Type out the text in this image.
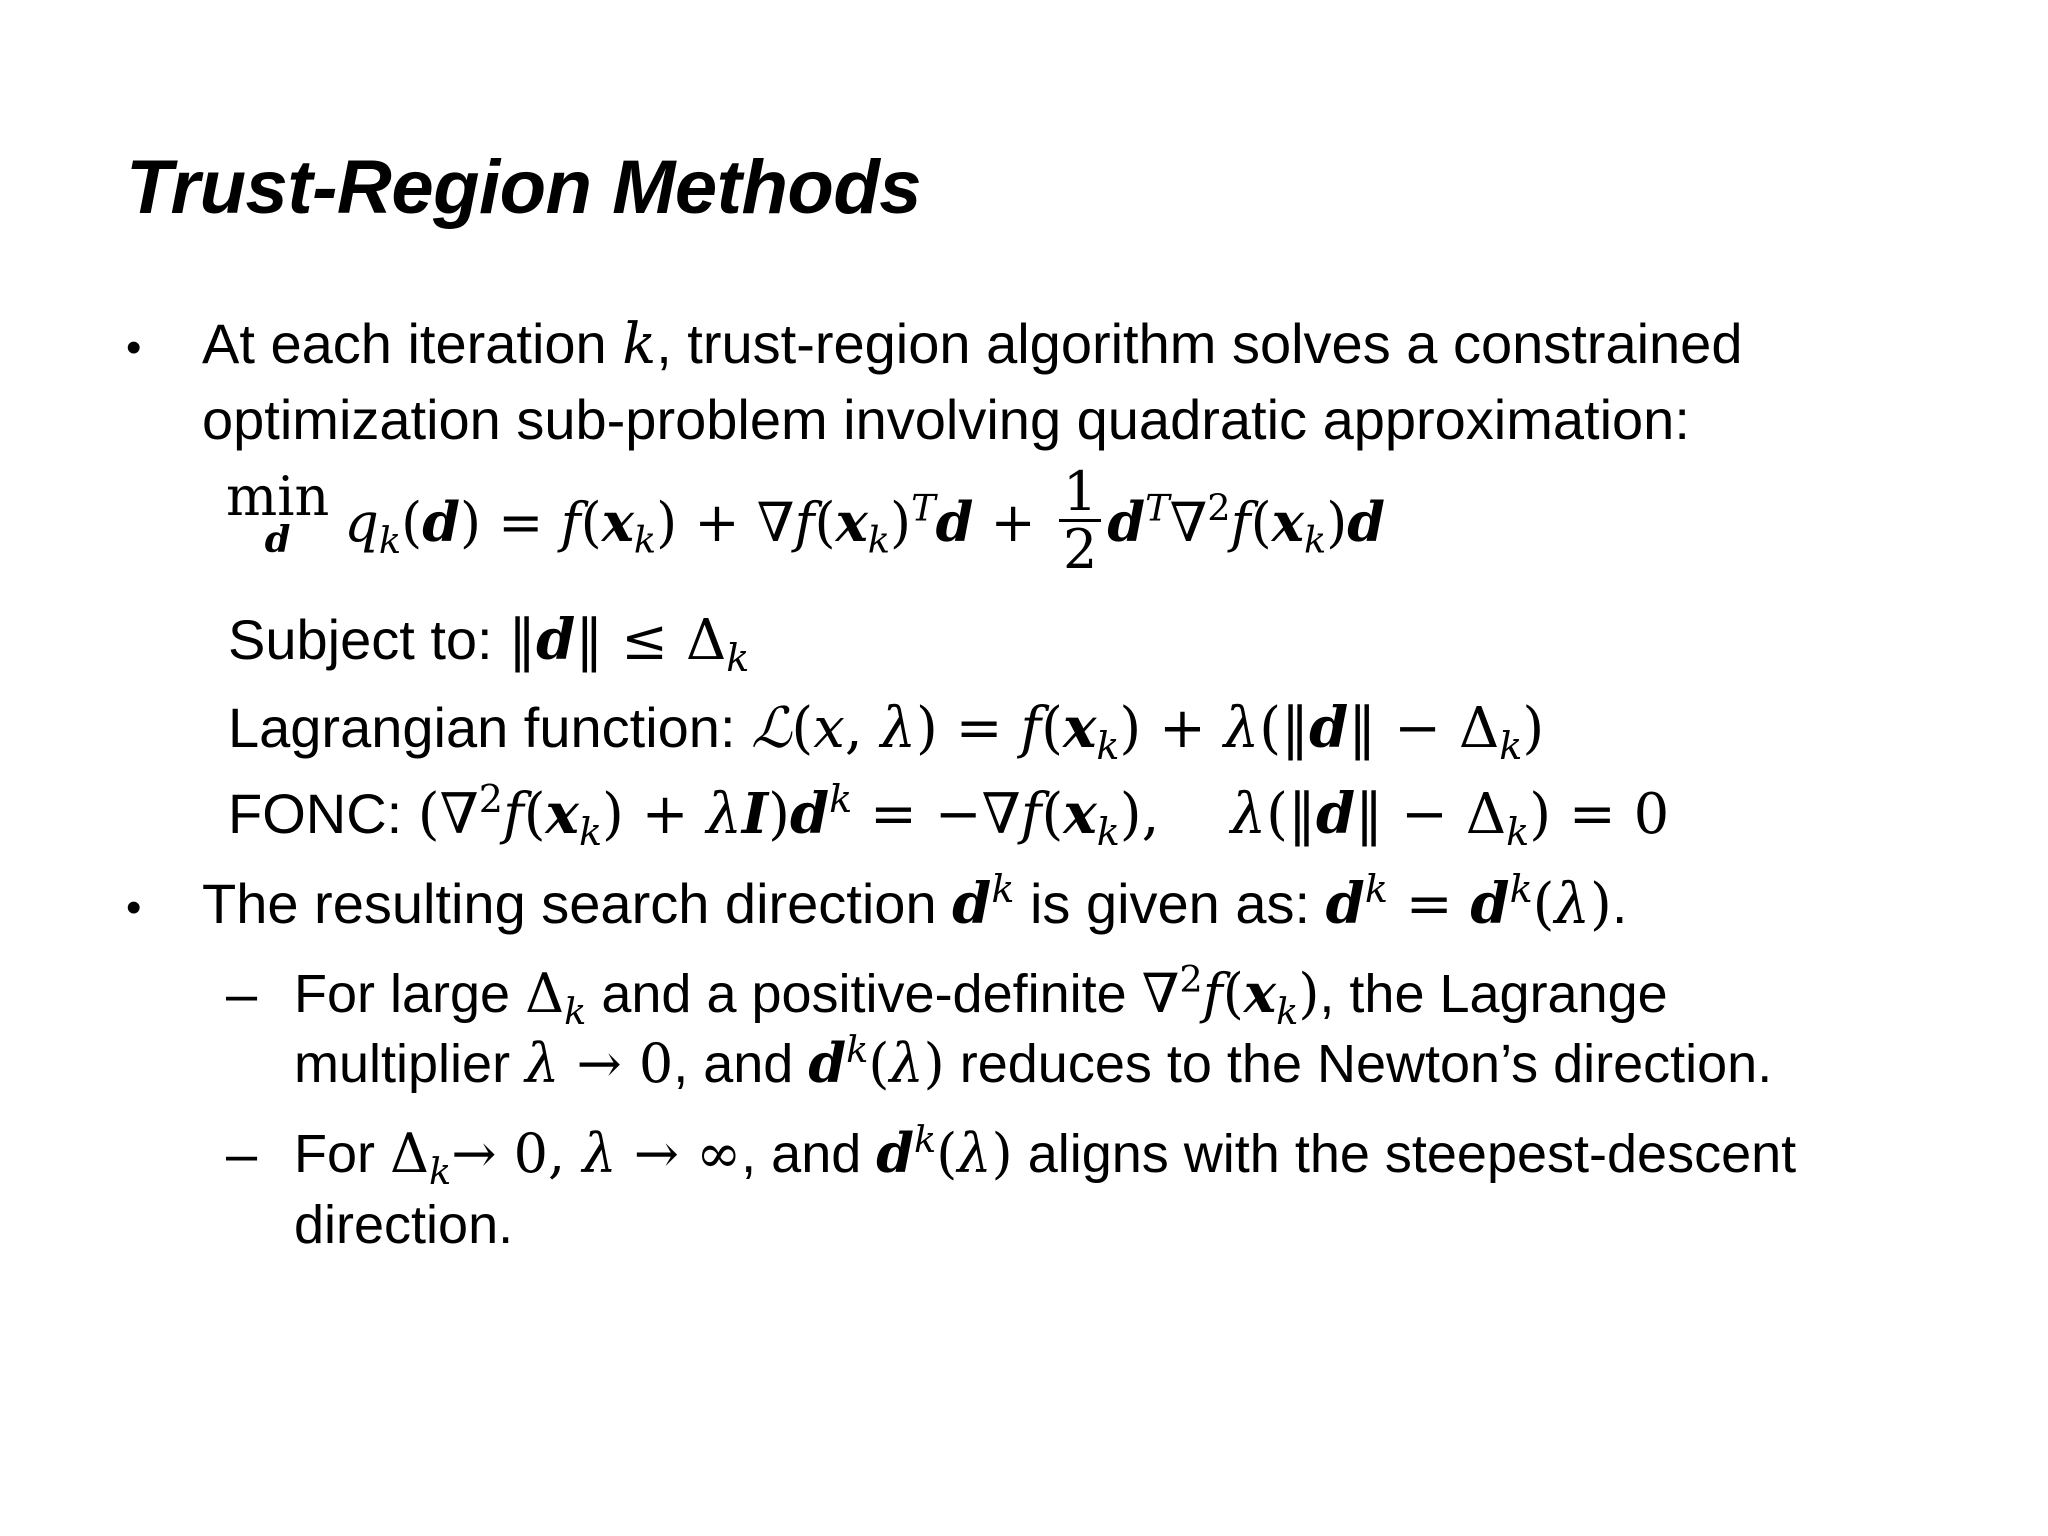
Trust-Region Methods
• At each iteration k, trust-region algorithm solves a constrained
optimization sub-problem involving quadratic approximation:
min
d $q_k(d) = f(x_k) + \nabla f(x_k)^Td + \frac{1}{2} d^T\nabla^2f(x_k)d$
Subject to: ‖d‖ ≤ $\Delta_k$
Lagrangian function: ℒ(x, $\lambda) = f(x_k)$ + λ(‖d‖ − $\Delta_k$)
FONC: $(\nabla^2f(x_k) + \lambda I)d^k = -\nabla f(x_k)$,    λ(‖d‖ − $\Delta_k) = 0$
• The resulting search direction $d^k$ is given as: $d^k = d^k(\lambda)$.
– For large $\Delta_k$ and a positive-definite $\nabla^2f(x_k)$, the Lagrange
multiplier λ → 0, and $d^k(\lambda)$ reduces to the Newton’s direction.
– For $\Delta_k\to 0$, λ → ∞, and $d^k(\lambda)$ aligns with the steepest-descent
direction.
